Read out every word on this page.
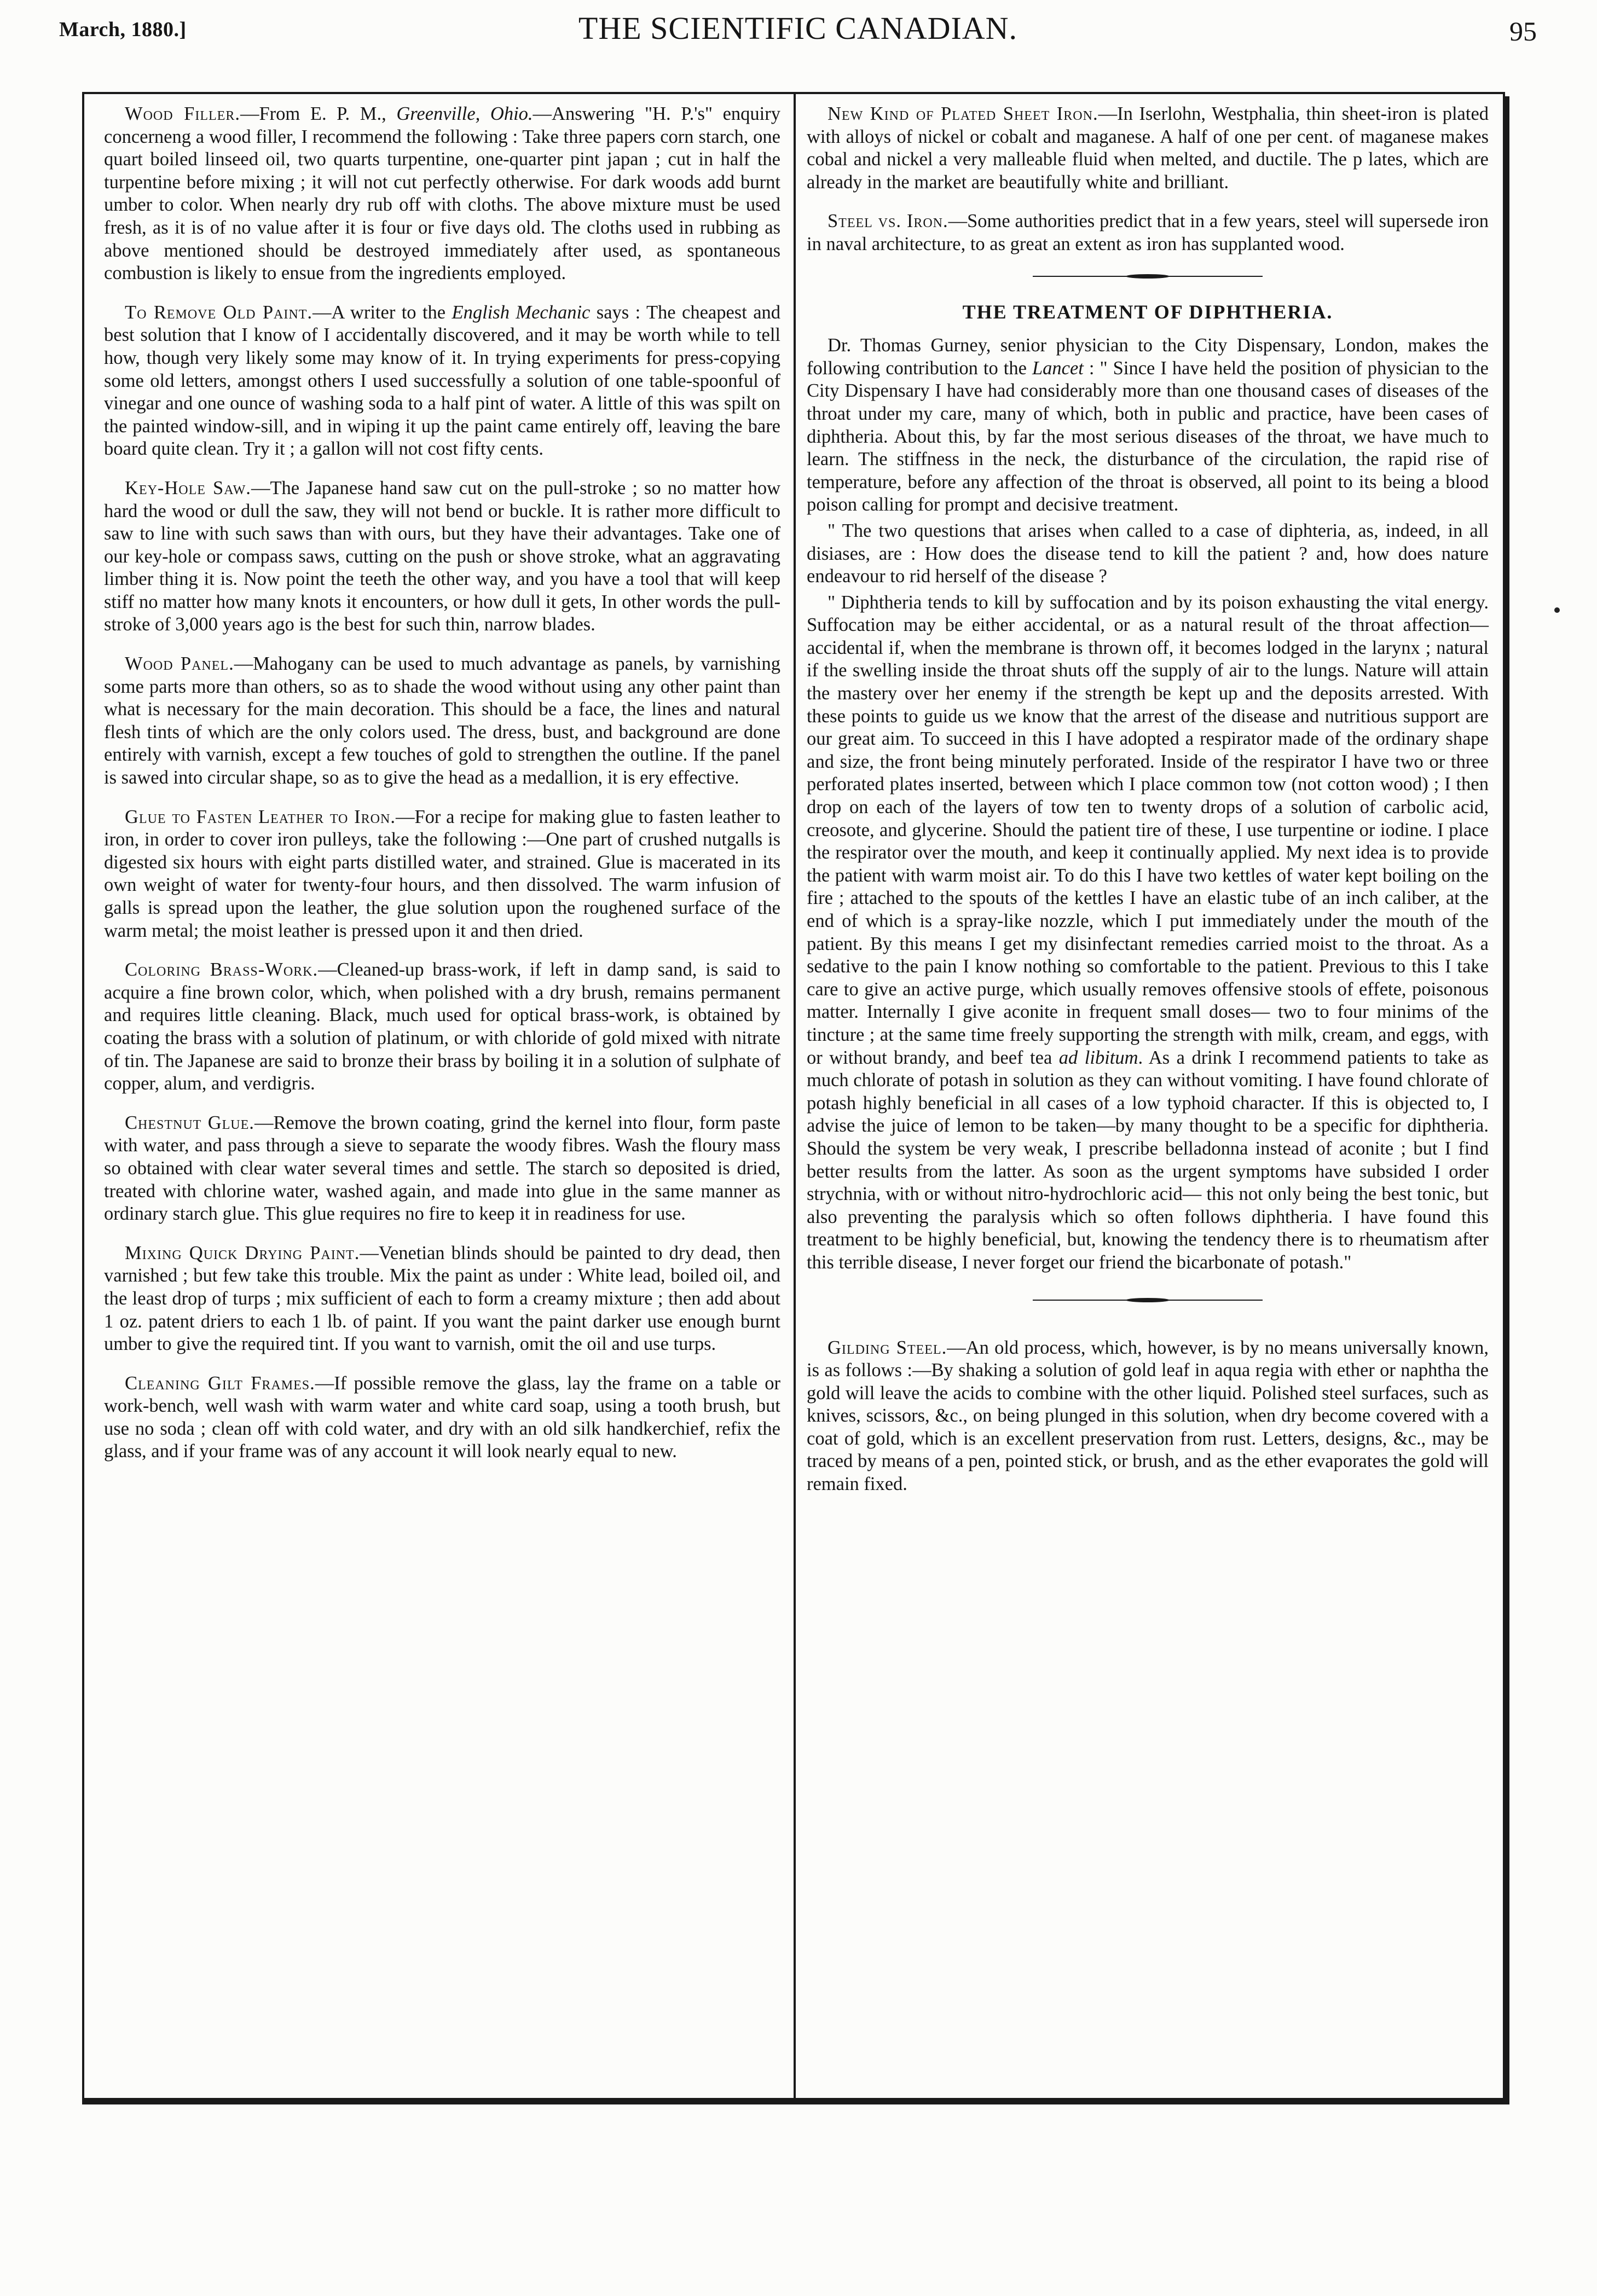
March, 1880.]	THE SCIENTIFIC CANADIAN.	95

Wood Filler.—From E. P. M., Greenville, Ohio.—Answering "H. P.'s" enquiry concerneng a wood filler, I recommend the following : Take three papers corn starch, one quart boiled linseed oil, two quarts turpentine, one-quarter pint japan ; cut in half the turpentine before mixing ; it will not cut perfectly otherwise. For dark woods add burnt umber to color. When nearly dry rub off with cloths. The above mixture must be used fresh, as it is of no value after it is four or five days old. The cloths used in rubbing as above mentioned should be destroyed immediately after used, as spontaneous combustion is likely to ensue from the ingredients employed.

To Remove Old Paint.—A writer to the English Mechanic says : The cheapest and best solution that I know of I accidentally discovered, and it may be worth while to tell how, though very likely some may know of it. In trying experiments for press-copying some old letters, amongst others I used successfully a solution of one table-spoonful of vinegar and one ounce of washing soda to a half pint of water. A little of this was spilt on the painted window-sill, and in wiping it up the paint came entirely off, leaving the bare board quite clean. Try it ; a gallon will not cost fifty cents.

Key-Hole Saw.—The Japanese hand saw cut on the pull-stroke ; so no matter how hard the wood or dull the saw, they will not bend or buckle. It is rather more difficult to saw to line with such saws than with ours, but they have their advantages. Take one of our key-hole or compass saws, cutting on the push or shove stroke, what an aggravating limber thing it is. Now point the teeth the other way, and you have a tool that will keep stiff no matter how many knots it encounters, or how dull it gets, In other words the pull-stroke of 3,000 years ago is the best for such thin, narrow blades.

Wood Panel.—Mahogany can be used to much advantage as panels, by varnishing some parts more than others, so as to shade the wood without using any other paint than what is necessary for the main decoration. This should be a face, the lines and natural flesh tints of which are the only colors used. The dress, bust, and background are done entirely with varnish, except a few touches of gold to strengthen the outline. If the panel is sawed into circular shape, so as to give the head as a medallion, it is ery effective.

Glue to Fasten Leather to Iron.—For a recipe for making glue to fasten leather to iron, in order to cover iron pulleys, take the following :—One part of crushed nutgalls is digested six hours with eight parts distilled water, and strained. Glue is macerated in its own weight of water for twenty-four hours, and then dissolved. The warm infusion of galls is spread upon the leather, the glue solution upon the roughened surface of the warm metal; the moist leather is pressed upon it and then dried.

Coloring Brass-Work.—Cleaned-up brass-work, if left in damp sand, is said to acquire a fine brown color, which, when polished with a dry brush, remains permanent and requires little cleaning. Black, much used for optical brass-work, is obtained by coating the brass with a solution of platinum, or with chloride of gold mixed with nitrate of tin. The Japanese are said to bronze their brass by boiling it in a solution of sulphate of copper, alum, and verdigris.

Chestnut Glue.—Remove the brown coating, grind the kernel into flour, form paste with water, and pass through a sieve to separate the woody fibres. Wash the floury mass so obtained with clear water several times and settle. The starch so deposited is dried, treated with chlorine water, washed again, and made into glue in the same manner as ordinary starch glue. This glue requires no fire to keep it in readiness for use.

Mixing Quick Drying Paint.—Venetian blinds should be painted to dry dead, then varnished ; but few take this trouble. Mix the paint as under : White lead, boiled oil, and the least drop of turps ; mix sufficient of each to form a creamy mixture ; then add about 1 oz. patent driers to each 1 lb. of paint. If you want the paint darker use enough burnt umber to give the required tint. If you want to varnish, omit the oil and use turps.

Cleaning Gilt Frames.—If possible remove the glass, lay the frame on a table or work-bench, well wash with warm water and white card soap, using a tooth brush, but use no soda ; clean off with cold water, and dry with an old silk handkerchief, refix the glass, and if your frame was of any account it will look nearly equal to new.

New Kind of Plated Sheet Iron.—In Iserlohn, Westphalia, thin sheet-iron is plated with alloys of nickel or cobalt and maganese. A half of one per cent. of maganese makes cobal and nickel a very malleable fluid when melted, and ductile. The p lates, which are already in the market are beautifully white and brilliant.

Steel vs. Iron.—Some authorities predict that in a few years, steel will supersede iron in naval architecture, to as great an extent as iron has supplanted wood.

THE TREATMENT OF DIPHTHERIA.

Dr. Thomas Gurney, senior physician to the City Dispensary, London, makes the following contribution to the Lancet : " Since I have held the position of physician to the City Dispensary I have had considerably more than one thousand cases of diseases of the throat under my care, many of which, both in public and practice, have been cases of diphtheria. About this, by far the most serious diseases of the throat, we have much to learn. The stiffness in the neck, the disturbance of the circulation, the rapid rise of temperature, before any affection of the throat is observed, all point to its being a blood poison calling for prompt and decisive treatment.

" The two questions that arises when called to a case of diphteria, as, indeed, in all disiases, are : How does the disease tend to kill the patient ? and, how does nature endeavour to rid herself of the disease ?

" Diphtheria tends to kill by suffocation and by its poison exhausting the vital energy. Suffocation may be either accidental, or as a natural result of the throat affection—accidental if, when the membrane is thrown off, it becomes lodged in the larynx ; natural if the swelling inside the throat shuts off the supply of air to the lungs. Nature will attain the mastery over her enemy if the strength be kept up and the deposits arrested. With these points to guide us we know that the arrest of the disease and nutritious support are our great aim. To succeed in this I have adopted a respirator made of the ordinary shape and size, the front being minutely perforated. Inside of the respirator I have two or three perforated plates inserted, between which I place common tow (not cotton wood) ; I then drop on each of the layers of tow ten to twenty drops of a solution of carbolic acid, creosote, and glycerine. Should the patient tire of these, I use turpentine or iodine. I place the respirator over the mouth, and keep it continually applied. My next idea is to provide the patient with warm moist air. To do this I have two kettles of water kept boiling on the fire ; attached to the spouts of the kettles I have an elastic tube of an inch caliber, at the end of which is a spray-like nozzle, which I put immediately under the mouth of the patient. By this means I get my disinfectant remedies carried moist to the throat. As a sedative to the pain I know nothing so comfortable to the patient. Previous to this I take care to give an active purge, which usually removes offensive stools of effete, poisonous matter. Internally I give aconite in frequent small doses— two to four minims of the tincture ; at the same time freely supporting the strength with milk, cream, and eggs, with or without brandy, and beef tea ad libitum. As a drink I recommend patients to take as much chlorate of potash in solution as they can without vomiting. I have found chlorate of potash highly beneficial in all cases of a low typhoid character. If this is objected to, I advise the juice of lemon to be taken—by many thought to be a specific for diphtheria. Should the system be very weak, I prescribe belladonna instead of aconite ; but I find better results from the latter. As soon as the urgent symptoms have subsided I order strychnia, with or without nitro-hydrochloric acid— this not only being the best tonic, but also preventing the paralysis which so often follows diphtheria. I have found this treatment to be highly beneficial, but, knowing the tendency there is to rheumatism after this terrible disease, I never forget our friend the bicarbonate of potash."

Gilding Steel.—An old process, which, however, is by no means universally known, is as follows :—By shaking a solution of gold leaf in aqua regia with ether or naphtha the gold will leave the acids to combine with the other liquid. Polished steel surfaces, such as knives, scissors, &c., on being plunged in this solution, when dry become covered with a coat of gold, which is an excellent preservation from rust. Letters, designs, &c., may be traced by means of a pen, pointed stick, or brush, and as the ether evaporates the gold will remain fixed.
